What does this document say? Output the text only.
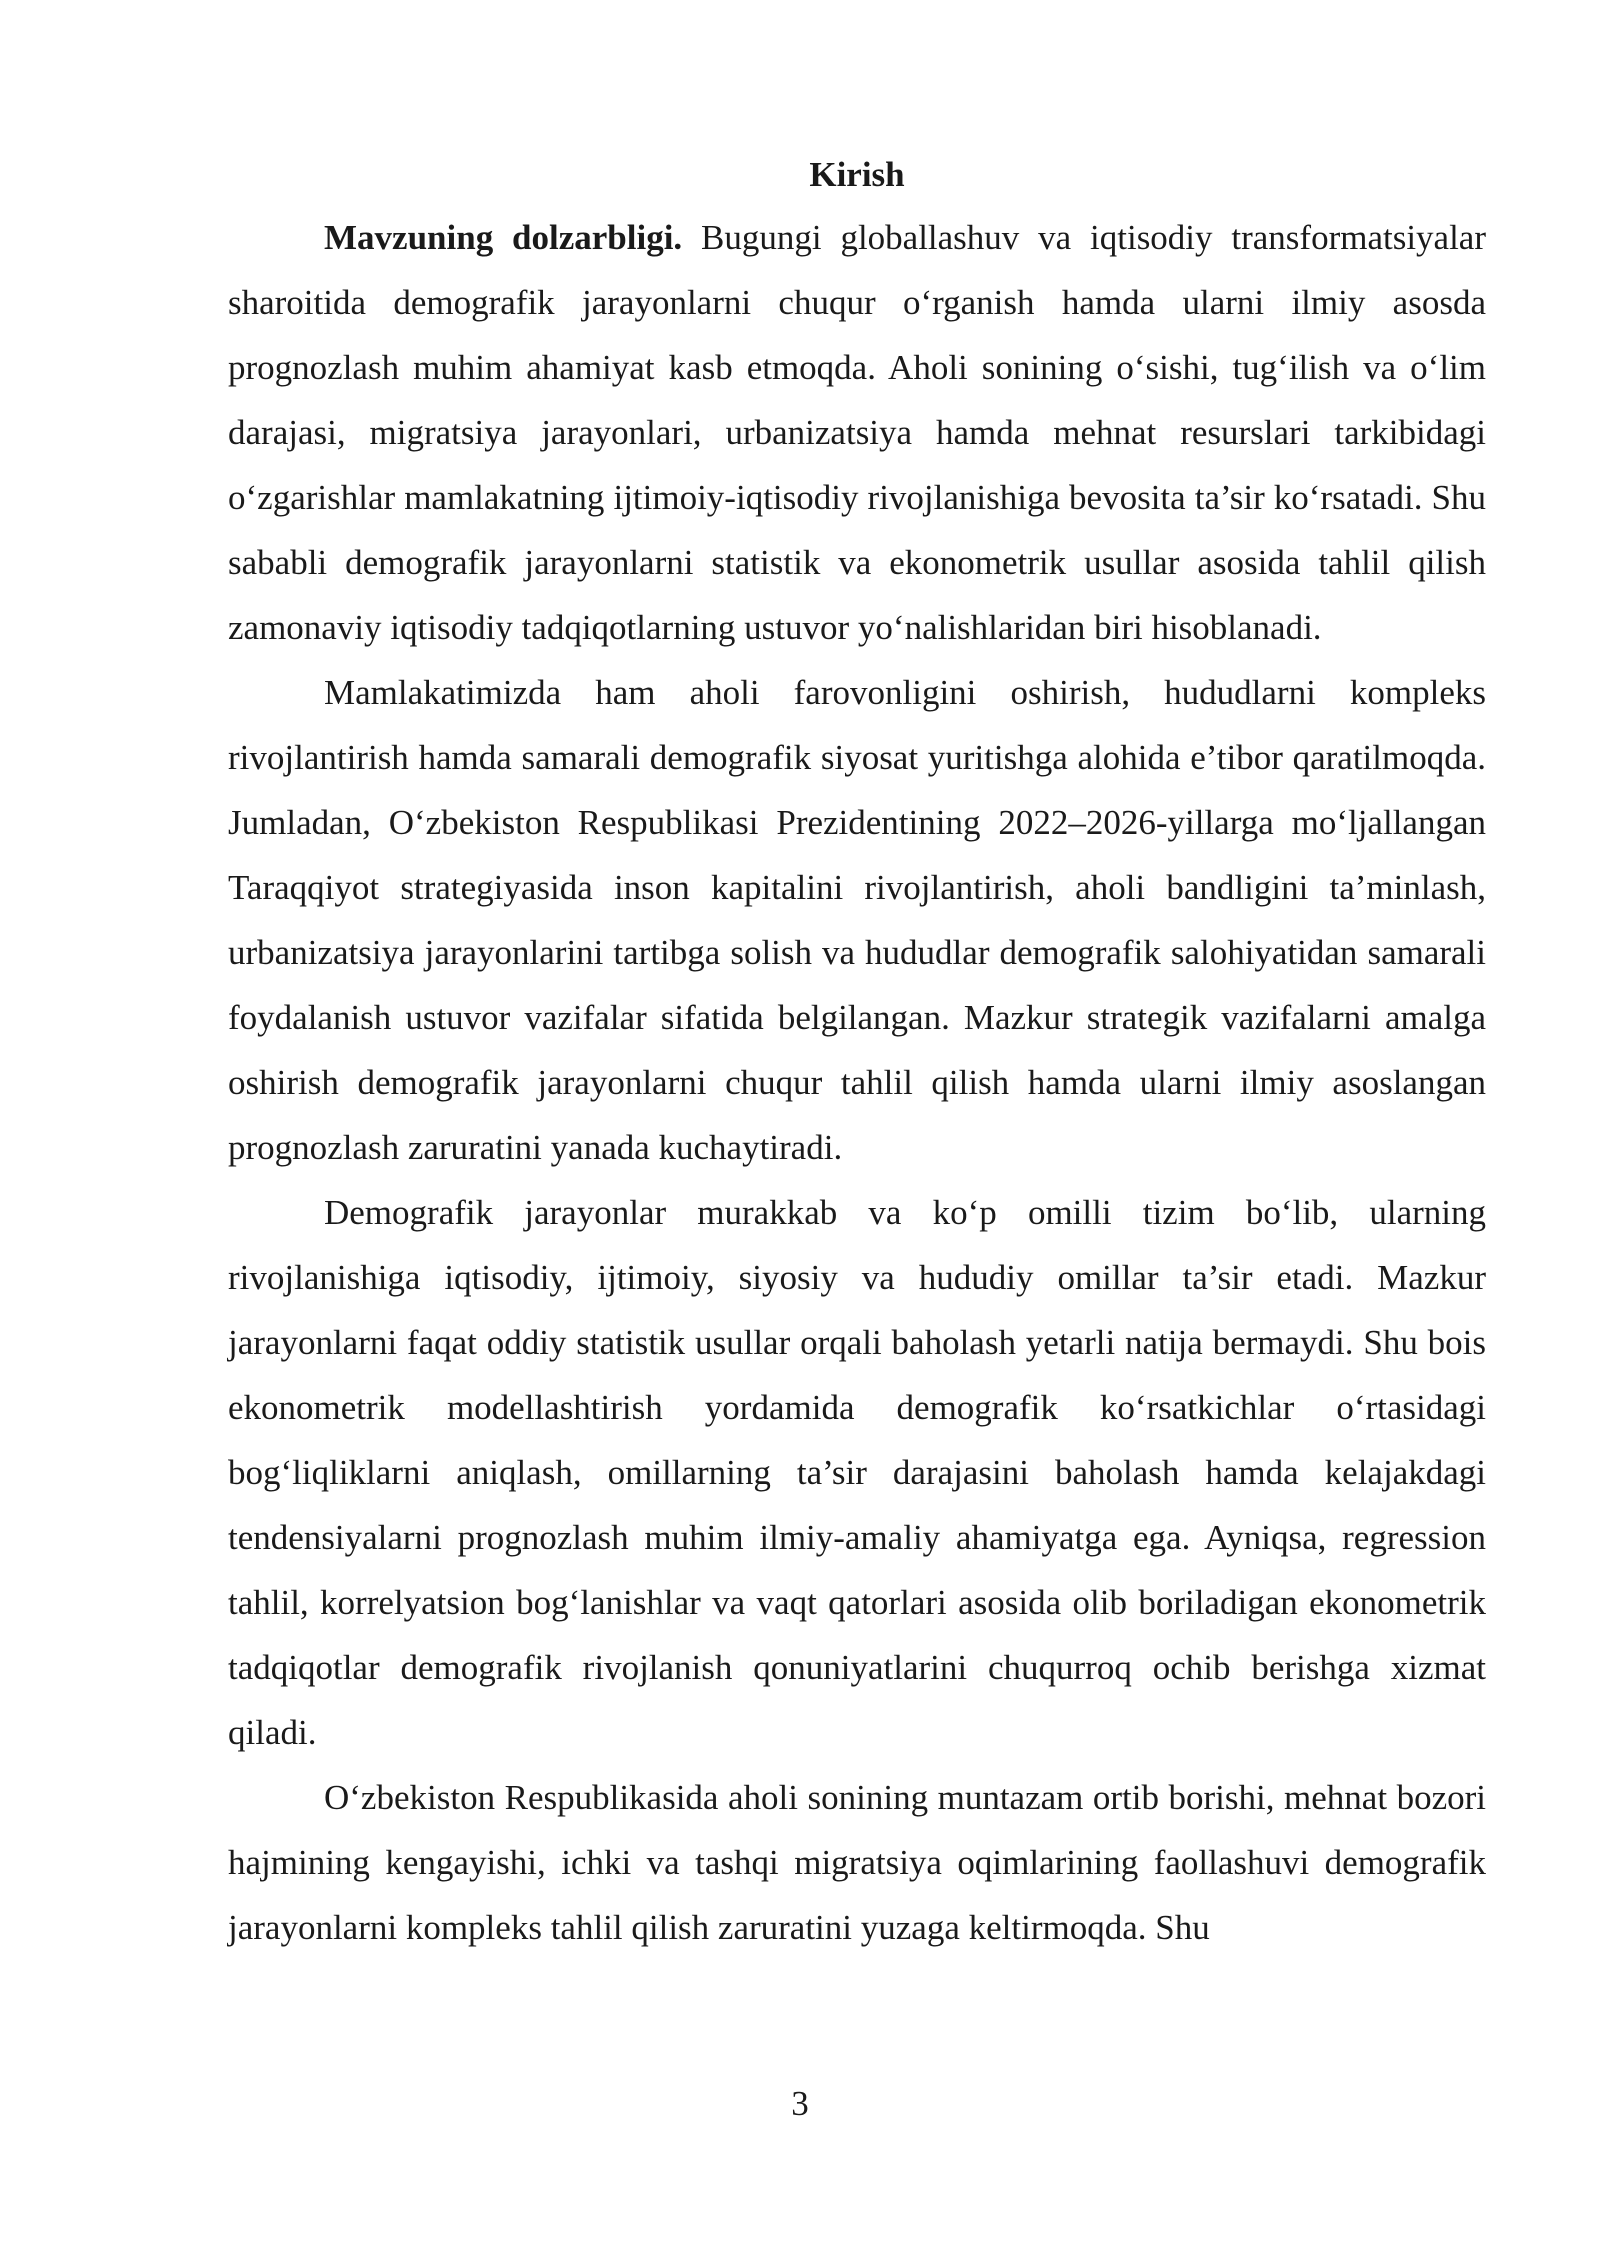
Kirish

Mavzuning dolzarbligi. Bugungi globallashuv va iqtisodiy transformatsiyalar sharoitida demografik jarayonlarni chuqur o‘rganish hamda ularni ilmiy asosda prognozlash muhim ahamiyat kasb etmoqda. Aholi sonining o‘sishi, tug‘ilish va o‘lim darajasi, migratsiya jarayonlari, urbanizatsiya hamda mehnat resurslari tarkibidagi o‘zgarishlar mamlakatning ijtimoiy-iqtisodiy rivojlanishiga bevosita ta’sir ko‘rsatadi. Shu sababli demografik jarayonlarni statistik va ekonometrik usullar asosida tahlil qilish zamonaviy iqtisodiy tadqiqotlarning ustuvor yo‘nalishlaridan biri hisoblanadi.

Mamlakatimizda ham aholi farovonligini oshirish, hududlarni kompleks rivojlantirish hamda samarali demografik siyosat yuritishga alohida e’tibor qaratilmoqda. Jumladan, O‘zbekiston Respublikasi Prezidentining 2022–2026-yillarga mo‘ljallangan Taraqqiyot strategiyasida inson kapitalini rivojlantirish, aholi bandligini ta’minlash, urbanizatsiya jarayonlarini tartibga solish va hududlar demografik salohiyatidan samarali foydalanish ustuvor vazifalar sifatida belgilangan. Mazkur strategik vazifalarni amalga oshirish demografik jarayonlarni chuqur tahlil qilish hamda ularni ilmiy asoslangan prognozlash zaruratini yanada kuchaytiradi.

Demografik jarayonlar murakkab va ko‘p omilli tizim bo‘lib, ularning rivojlanishiga iqtisodiy, ijtimoiy, siyosiy va hududiy omillar ta’sir etadi. Mazkur jarayonlarni faqat oddiy statistik usullar orqali baholash yetarli natija bermaydi. Shu bois ekonometrik modellashtirish yordamida demografik ko‘rsatkichlar o‘rtasidagi bog‘liqliklarni aniqlash, omillarning ta’sir darajasini baholash hamda kelajakdagi tendensiyalarni prognozlash muhim ilmiy-amaliy ahamiyatga ega. Ayniqsa, regression tahlil, korrelyatsion bog‘lanishlar va vaqt qatorlari asosida olib boriladigan ekonometrik tadqiqotlar demografik rivojlanish qonuniyatlarini chuqurroq ochib berishga xizmat qiladi.

O‘zbekiston Respublikasida aholi sonining muntazam ortib borishi, mehnat bozori hajmining kengayishi, ichki va tashqi migratsiya oqimlarining faollashuvi demografik jarayonlarni kompleks tahlil qilish zaruratini yuzaga keltirmoqda. Shu

3
